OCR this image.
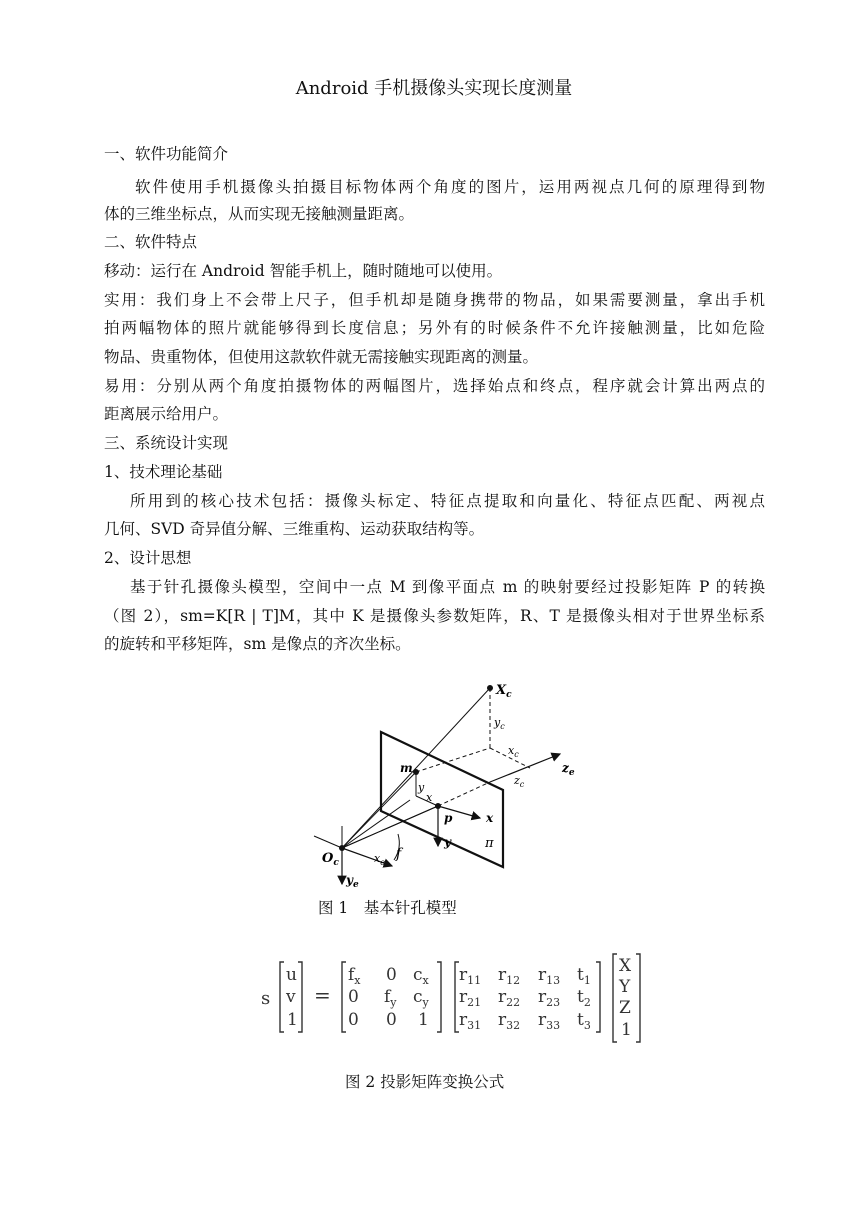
Android 手机摄像头实现长度测量
一、软件功能简介
软件使用手机摄像头拍摄目标物体两个角度的图片，运用两视点几何的原理得到物
体的三维坐标点，从而实现无接触测量距离。
二、软件特点
移动：运行在 Android 智能手机上，随时随地可以使用。
实用：我们身上不会带上尺子，但手机却是随身携带的物品，如果需要测量，拿出手机
拍两幅物体的照片就能够得到长度信息；另外有的时候条件不允许接触测量，比如危险
物品、贵重物体，但使用这款软件就无需接触实现距离的测量。
易用：分别从两个角度拍摄物体的两幅图片，选择始点和终点，程序就会计算出两点的
距离展示给用户。
三、系统设计实现
1、技术理论基础
所用到的核心技术包括：摄像头标定、特征点提取和向量化、特征点匹配、两视点
几何、SVD 奇异值分解、三维重构、运动获取结构等。
2、设计思想
基于针孔摄像头模型，空间中一点 M 到像平面点 m 的映射要经过投影矩阵 P 的转换
（图 2），sm=K[R | T]M，其中 K 是摄像头参数矩阵，R、T 是摄像头相对于世界坐标系
的旋转和平移矩阵，sm 是像点的齐次坐标。
$X_c$
$y_c$
$x_c$
$z_c$
$z_e$
m
y
x
p	x
y	π
$O_c$	$x_e$
f
$y_e$
图 1　基本针孔模型
s
u
v
1
=
$f_x$ 0 $c_x$
0 $f_y$ $c_y$
0 0 1
$r_{11}$ $r_{12}$ $r_{13}$ $t_1$
$r_{21}$ $r_{22}$ $r_{23}$ $t_2$
$r_{31}$ $r_{32}$ $r_{33}$ $t_3$
X
Y
Z
1
图 2 投影矩阵变换公式
